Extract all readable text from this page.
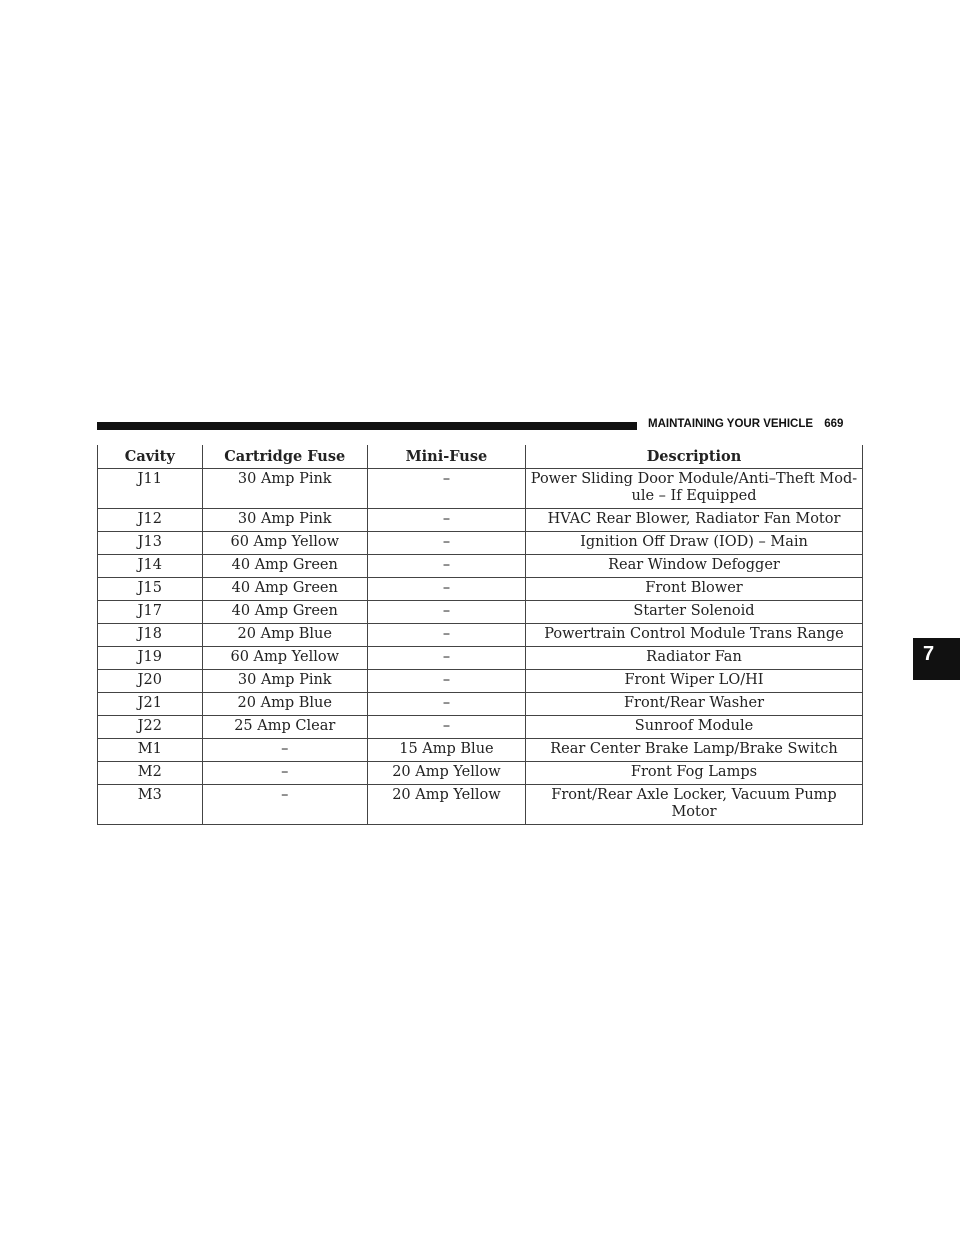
MAINTAINING YOUR VEHICLE 669
7
Cavity	Cartridge Fuse	Mini-Fuse	Description
J11	30 Amp Pink	–	Power Sliding Door Module/Anti–Theft Mod- ule – If Equipped
J12	30 Amp Pink	–	HVAC Rear Blower, Radiator Fan Motor
J13	60 Amp Yellow	–	Ignition Off Draw (IOD) – Main
J14	40 Amp Green	–	Rear Window Defogger
J15	40 Amp Green	–	Front Blower
J17	40 Amp Green	–	Starter Solenoid
J18	20 Amp Blue	–	Powertrain Control Module Trans Range
J19	60 Amp Yellow	–	Radiator Fan
J20	30 Amp Pink	–	Front Wiper LO/HI
J21	20 Amp Blue	–	Front/Rear Washer
J22	25 Amp Clear	–	Sunroof Module
M1	–	15 Amp Blue	Rear Center Brake Lamp/Brake Switch
M2	–	20 Amp Yellow	Front Fog Lamps
M3	–	20 Amp Yellow	Front/Rear Axle Locker, Vacuum Pump Motor
